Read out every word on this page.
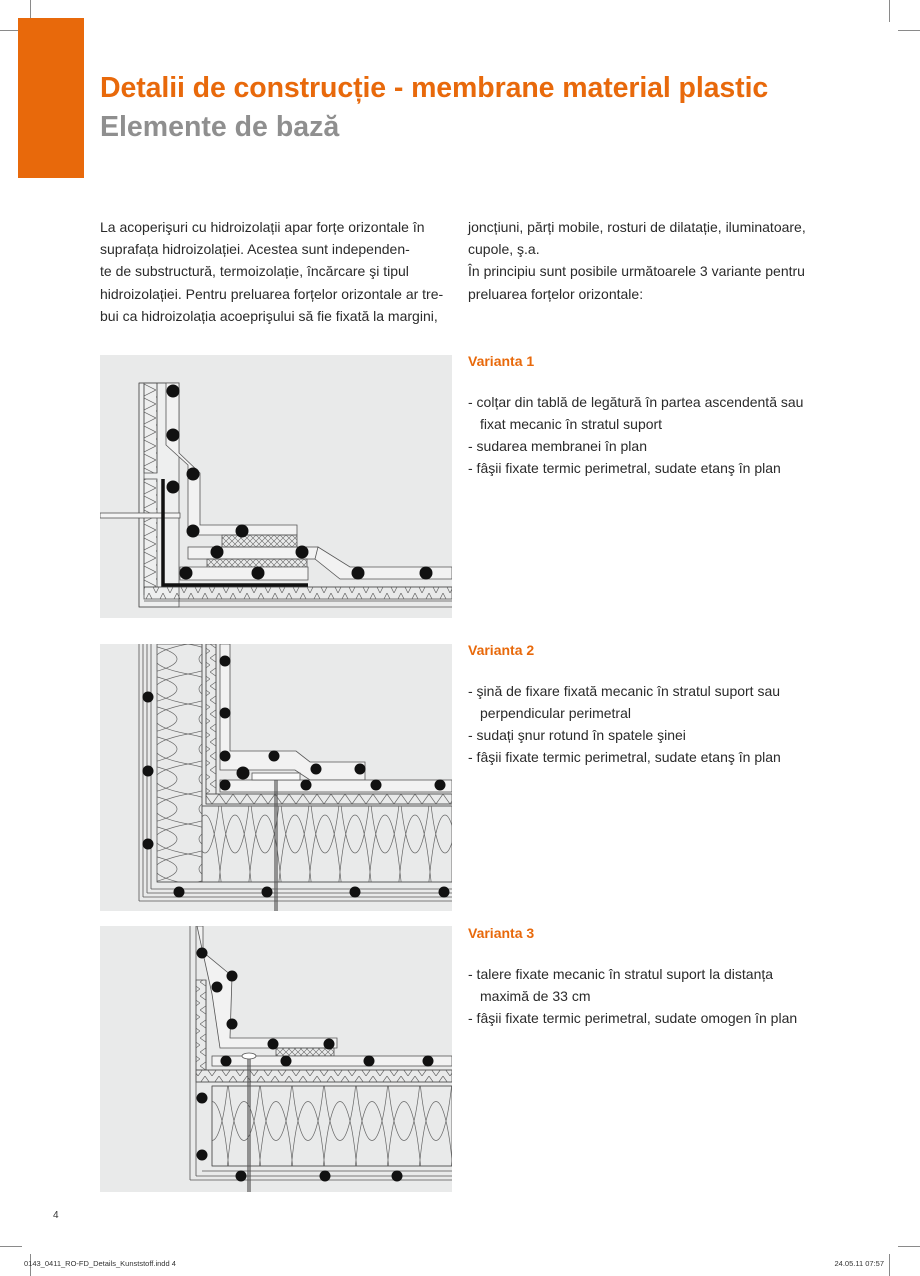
Detalii de construcție - membrane material plastic
Elemente de bază

La acoperişuri cu hidroizolații apar forțe orizontale în

suprafața hidroizolației. Acestea sunt independen-

te de substructură, termoizolație, încărcare şi tipul

hidroizolației. Pentru preluarea forțelor orizontale ar tre-

bui ca hidroizolația acoeprişului să fie fixată la margini,

joncțiuni, părți mobile, rosturi de dilatație, iluminatoare,

cupole, ş.a.

În principiu sunt posibile următoarele 3 variante pentru

preluarea forțelor orizontale:

Varianta 1
- colțar din tablă de legătură în partea ascendentă sau
fixat mecanic în stratul suport
- sudarea membranei în plan
- fâşii fixate termic perimetral, sudate etanş în plan
Varianta 2
- şină de fixare fixată mecanic în stratul suport sau
perpendicular perimetral
- sudați şnur rotund în spatele şinei
- fâşii fixate termic perimetral, sudate etanş în plan
Varianta 3
- talere fixate mecanic în stratul suport la distanța
maximă de 33 cm
- fâşii fixate termic perimetral, sudate omogen în plan
4
0143_0411_RO-FD_Details_Kunststoff.indd 4	24.05.11 07:57
